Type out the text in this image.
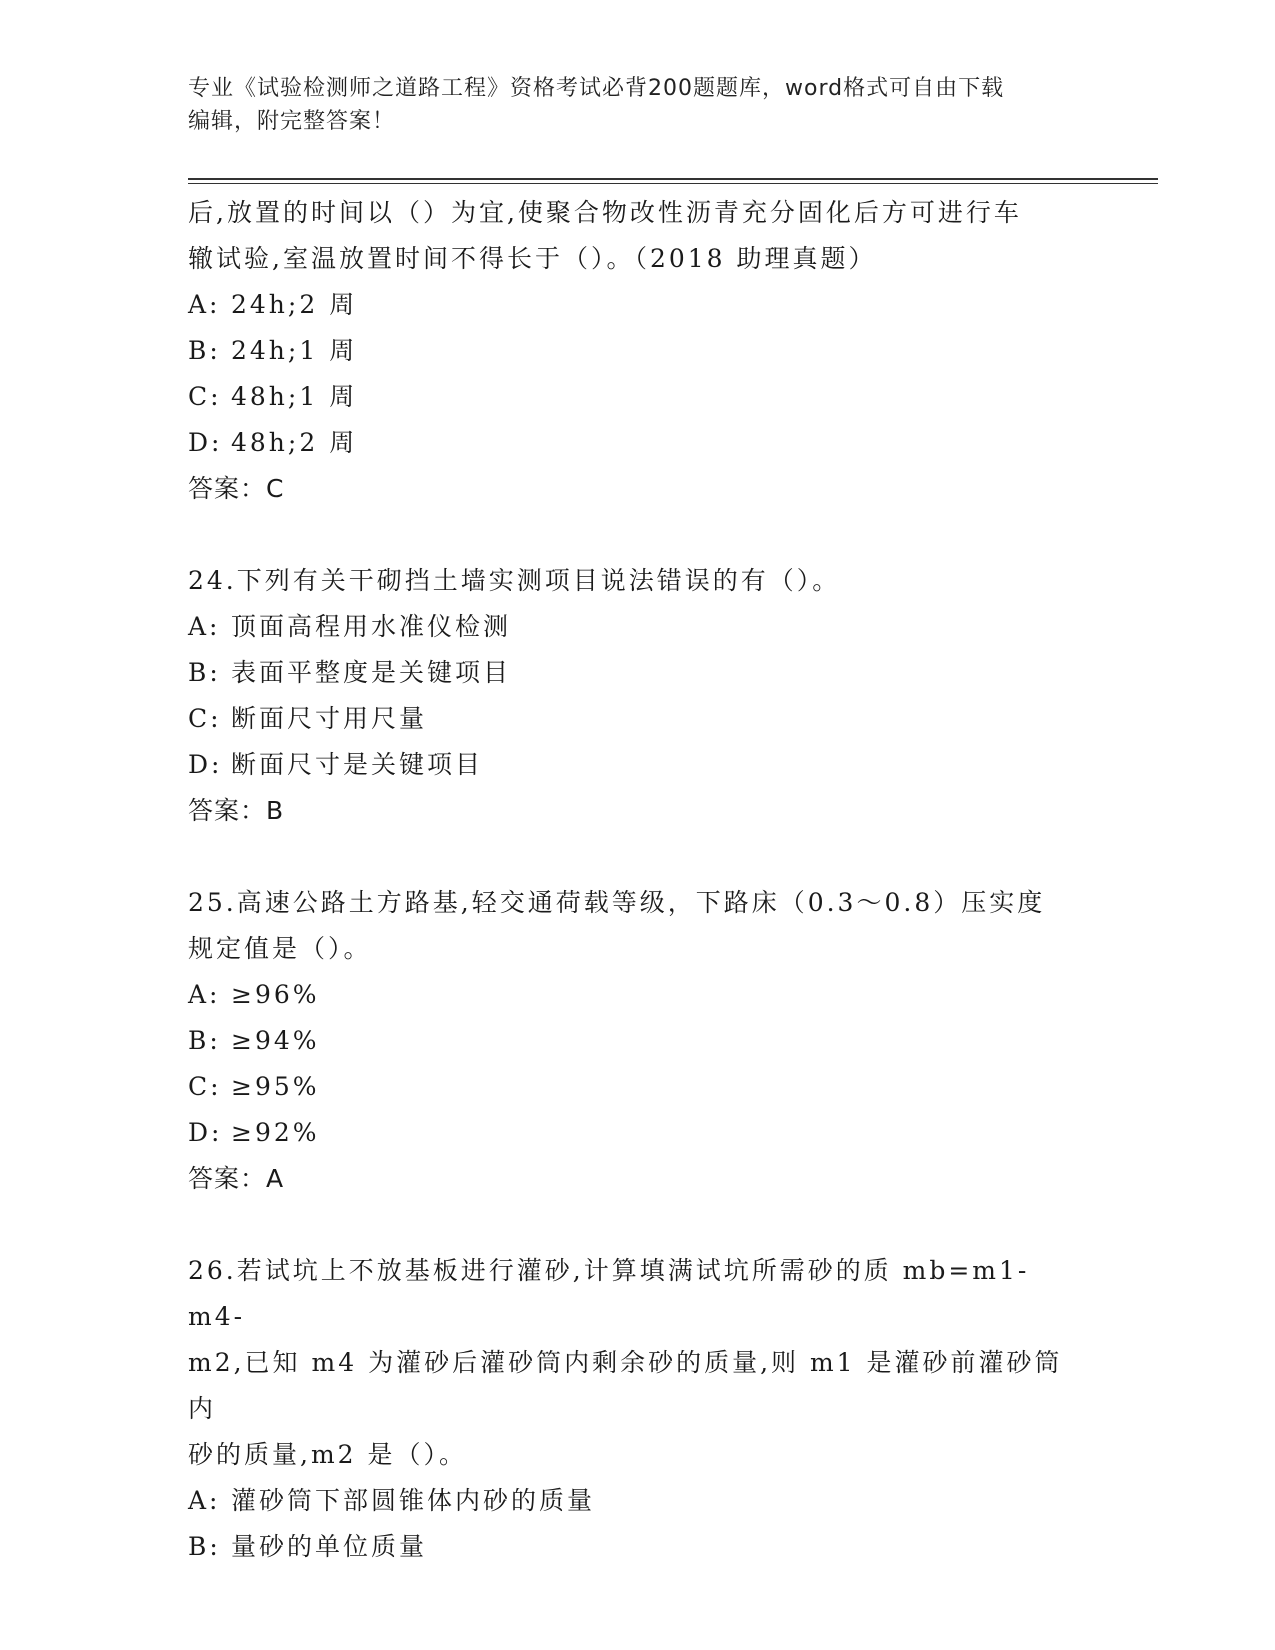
专业《试验检测师之道路工程》资格考试必背200题题库，word格式可自由下载
编辑，附完整答案！
后,放置的时间以（）为宜,使聚合物改性沥青充分固化后方可进行车
辙试验,室温放置时间不得长于（）。（2018 助理真题）
A: 24h;2 周
B: 24h;1 周
C: 48h;1 周
D: 48h;2 周
答案：C
24.下列有关干砌挡土墙实测项目说法错误的有（）。
A: 顶面高程用水准仪检测
B: 表面平整度是关键项目
C: 断面尺寸用尺量
D: 断面尺寸是关键项目
答案：B
25.高速公路土方路基,轻交通荷载等级，下路床（0.3～0.8）压实度
规定值是（）。
A: ≥96%
B: ≥94%
C: ≥95%
D: ≥92%
答案：A
26.若试坑上不放基板进行灌砂,计算填满试坑所需砂的质 mb=m1-m4-
m2,已知 m4 为灌砂后灌砂筒内剩余砂的质量,则 m1 是灌砂前灌砂筒内
砂的质量,m2 是（）。
A: 灌砂筒下部圆锥体内砂的质量
B: 量砂的单位质量
